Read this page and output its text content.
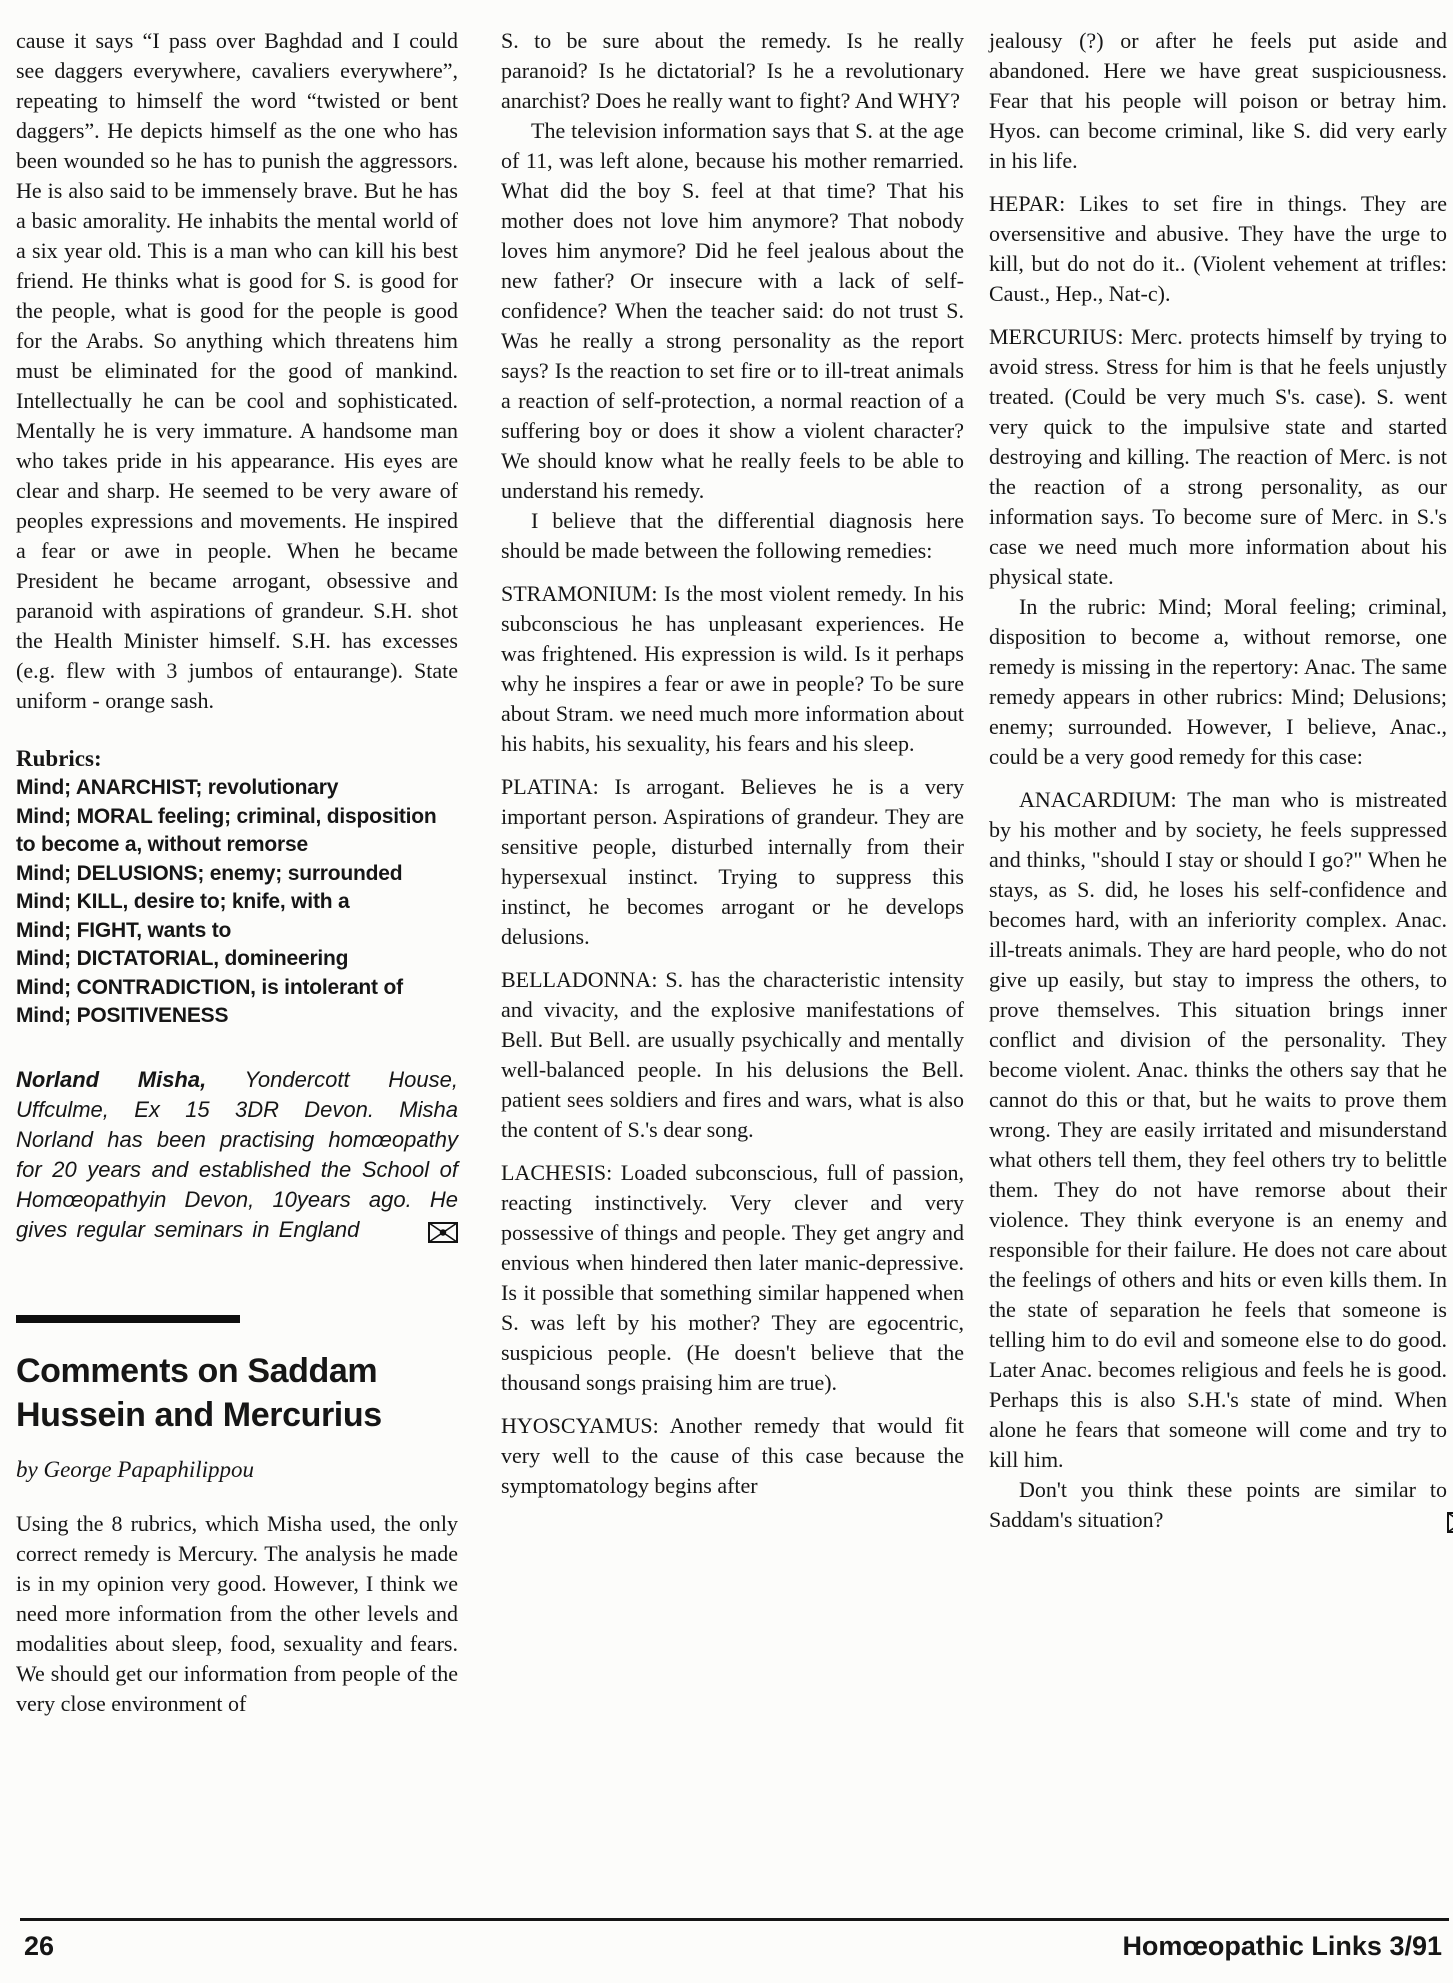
cause it says “I pass over Baghdad and I could see daggers everywhere, cavaliers everywhere”, repeating to himself the word “twisted or bent daggers”. He depicts himself as the one who has been wounded so he has to punish the aggressors. He is also said to be immensely brave. But he has a basic amorality. He inhabits the mental world of a six year old. This is a man who can kill his best friend. He thinks what is good for S. is good for the people, what is good for the people is good for the Arabs. So anything which threatens him must be eliminated for the good of mankind. Intellectually he can be cool and sophisticated. Mentally he is very immature. A handsome man who takes pride in his appearance. His eyes are clear and sharp. He seemed to be very aware of peoples expressions and movements. He inspired a fear or awe in people. When he became President he became arrogant, obsessive and paranoid with aspirations of grandeur. S.H. shot the Health Minister himself. S.H. has excesses (e.g. flew with 3 jumbos of entaurange). State uniform - orange sash.

Rubrics:
Mind; ANARCHIST; revolutionary
Mind; MORAL feeling; criminal, disposition to become a, without remorse
Mind; DELUSIONS; enemy; surrounded
Mind; KILL, desire to; knife, with a
Mind; FIGHT, wants to
Mind; DICTATORIAL, domineering
Mind; CONTRADICTION, is intolerant of
Mind; POSITIVENESS
Norland Misha, Yondercott House, Uffculme, Ex 15 3DR Devon. Misha Norland has been practising homœopathy for 20 years and established the School of Homœopathyin Devon, 10years ago. He gives regular seminars in England
Comments on Saddam Hussein and Mercurius
by George Papaphilippou

Using the 8 rubrics, which Misha used, the only correct remedy is Mercury. The analysis he made is in my opinion very good. However, I think we need more information from the other levels and modalities about sleep, food, sexuality and fears. We should get our information from people of the very close environment of

S. to be sure about the remedy. Is he really paranoid? Is he dictatorial? Is he a revolutionary anarchist? Does he really want to fight? And WHY?

The television information says that S. at the age of 11, was left alone, because his mother remarried. What did the boy S. feel at that time? That his mother does not love him anymore? That nobody loves him anymore? Did he feel jealous about the new father? Or insecure with a lack of self-confidence? When the teacher said: do not trust S. Was he really a strong personality as the report says? Is the reaction to set fire or to ill-treat animals a reaction of self-protection, a normal reaction of a suffering boy or does it show a violent character? We should know what he really feels to be able to understand his remedy.

I believe that the differential diagnosis here should be made between the following remedies:

STRAMONIUM: Is the most violent remedy. In his subconscious he has unpleasant experiences. He was frightened. His expression is wild. Is it perhaps why he inspires a fear or awe in people? To be sure about Stram. we need much more information about his habits, his sexuality, his fears and his sleep.

PLATINA: Is arrogant. Believes he is a very important person. Aspirations of grandeur. They are sensitive people, disturbed internally from their hypersexual instinct. Trying to suppress this instinct, he becomes arrogant or he develops delusions.

BELLADONNA: S. has the characteristic intensity and vivacity, and the explosive manifestations of Bell. But Bell. are usually psychically and mentally well-balanced people. In his delusions the Bell. patient sees soldiers and fires and wars, what is also the content of S.'s dear song.

LACHESIS: Loaded subconscious, full of passion, reacting instinctively. Very clever and very possessive of things and people. They get angry and envious when hindered then later manic-depressive. Is it possible that something similar happened when S. was left by his mother? They are egocentric, suspicious people. (He doesn't believe that the thousand songs praising him are true).

HYOSCYAMUS: Another remedy that would fit very well to the cause of this case because the symptomatology begins after

jealousy (?) or after he feels put aside and abandoned. Here we have great suspiciousness. Fear that his people will poison or betray him. Hyos. can become criminal, like S. did very early in his life.

HEPAR: Likes to set fire in things. They are oversensitive and abusive. They have the urge to kill, but do not do it.. (Violent vehement at trifles: Caust., Hep., Nat-c).

MERCURIUS: Merc. protects himself by trying to avoid stress. Stress for him is that he feels unjustly treated. (Could be very much S's. case). S. went very quick to the impulsive state and started destroying and killing. The reaction of Merc. is not the reaction of a strong personality, as our information says. To become sure of Merc. in S.'s case we need much more information about his physical state.

In the rubric: Mind; Moral feeling; criminal, disposition to become a, without remorse, one remedy is missing in the repertory: Anac. The same remedy appears in other rubrics: Mind; Delusions; enemy; surrounded. However, I believe, Anac., could be a very good remedy for this case:

ANACARDIUM: The man who is mistreated by his mother and by society, he feels suppressed and thinks, "should I stay or should I go?" When he stays, as S. did, he loses his self-confidence and becomes hard, with an inferiority complex. Anac. ill-treats animals. They are hard people, who do not give up easily, but stay to impress the others, to prove themselves. This situation brings inner conflict and division of the personality. They become violent. Anac. thinks the others say that he cannot do this or that, but he waits to prove them wrong. They are easily irritated and misunderstand what others tell them, they feel others try to belittle them. They do not have remorse about their violence. They think everyone is an enemy and responsible for their failure. He does not care about the feelings of others and hits or even kills them. In the state of separation he feels that someone is telling him to do evil and someone else to do good. Later Anac. becomes religious and feels he is good. Perhaps this is also S.H.'s state of mind. When alone he fears that someone will come and try to kill him.

Don't you think these points are similar to Saddam's situation?

26	Homœopathic Links 3/91
